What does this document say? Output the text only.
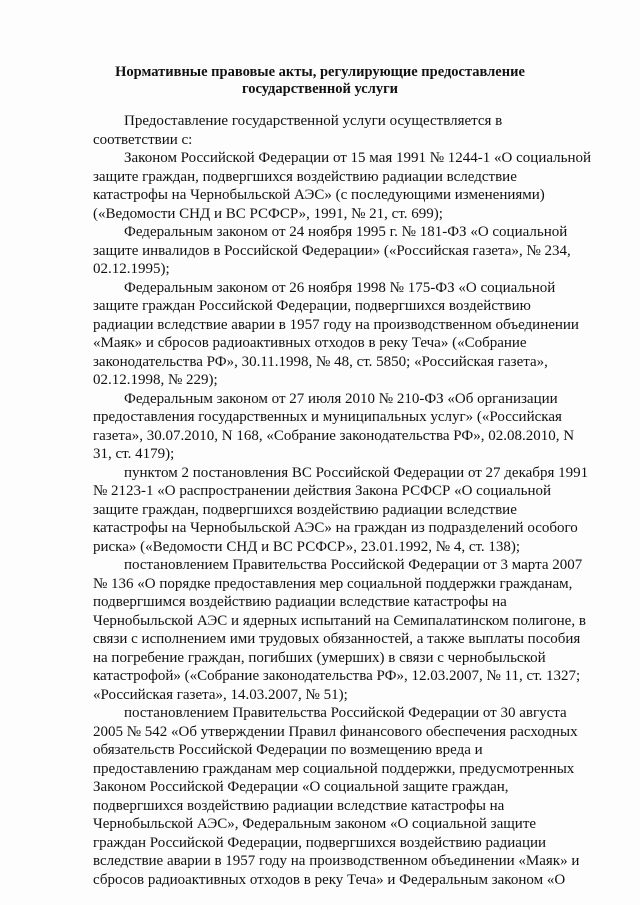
Нормативные правовые акты, регулирующие предоставление
государственной услуги

Предоставление государственной услуги осуществляется в
соответствии с:

Законом Российской Федерации от 15 мая 1991 № 1244-1 «О социальной
защите граждан, подвергшихся воздействию радиации вследствие
катастрофы на Чернобыльской АЭС» (с последующими изменениями)
(«Ведомости СНД и ВС РСФСР», 1991, № 21, ст. 699);

Федеральным законом от 24 ноября 1995 г. № 181-ФЗ «О социальной
защите инвалидов в Российской Федерации» («Российская газета», № 234,
02.12.1995);

Федеральным законом от 26 ноября 1998 № 175-ФЗ «О социальной
защите граждан Российской Федерации, подвергшихся воздействию
радиации вследствие аварии в 1957 году на производственном объединении
«Маяк» и сбросов радиоактивных отходов в реку Теча» («Собрание
законодательства РФ», 30.11.1998, № 48, ст. 5850; «Российская газета»,
02.12.1998, № 229);

Федеральным законом от 27 июля 2010 № 210-ФЗ «Об организации
предоставления государственных и муниципальных услуг» («Российская
газета», 30.07.2010, N 168, «Собрание законодательства РФ», 02.08.2010, N
31, ст. 4179);

пунктом 2 постановления ВС Российской Федерации от 27 декабря 1991
№ 2123-1 «О распространении действия Закона РСФСР «О социальной
защите граждан, подвергшихся воздействию радиации вследствие
катастрофы на Чернобыльской АЭС» на граждан из подразделений особого
риска» («Ведомости СНД и ВС РСФСР», 23.01.1992, № 4, ст. 138);

постановлением Правительства Российской Федерации от 3 марта 2007
№ 136 «О порядке предоставления мер социальной поддержки гражданам,
подвергшимся воздействию радиации вследствие катастрофы на
Чернобыльской АЭС и ядерных испытаний на Семипалатинском полигоне, в
связи с исполнением ими трудовых обязанностей, а также выплаты пособия
на погребение граждан, погибших (умерших) в связи с чернобыльской
катастрофой» («Собрание законодательства РФ», 12.03.2007, № 11, ст. 1327;
«Российская газета», 14.03.2007, № 51);

постановлением Правительства Российской Федерации от 30 августа
2005 № 542 «Об утверждении Правил финансового обеспечения расходных
обязательств Российской Федерации по возмещению вреда и
предоставлению гражданам мер социальной поддержки, предусмотренных
Законом Российской Федерации «О социальной защите граждан,
подвергшихся воздействию радиации вследствие катастрофы на
Чернобыльской АЭС», Федеральным законом «О социальной защите
граждан Российской Федерации, подвергшихся воздействию радиации
вследствие аварии в 1957 году на производственном объединении «Маяк» и
сбросов радиоактивных отходов в реку Теча» и Федеральным законом «О
